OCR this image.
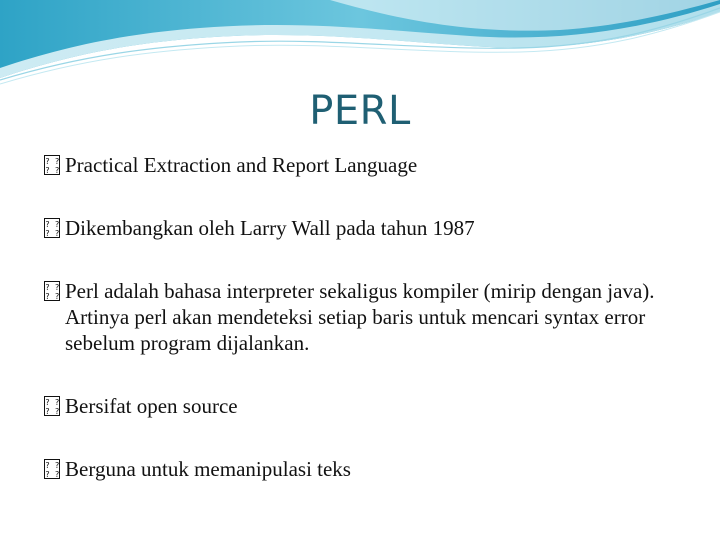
PERL
? ? ? ?
Practical Extraction and Report Language
? ? ? ?
Dikembangkan oleh Larry Wall pada tahun 1987
? ? ? ?
Perl adalah bahasa interpreter sekaligus kompiler (mirip dengan java). Artinya perl akan mendeteksi setiap baris untuk mencari syntax error sebelum program dijalankan.
? ? ? ?
Bersifat open source
? ? ? ?
Berguna untuk memanipulasi teks
